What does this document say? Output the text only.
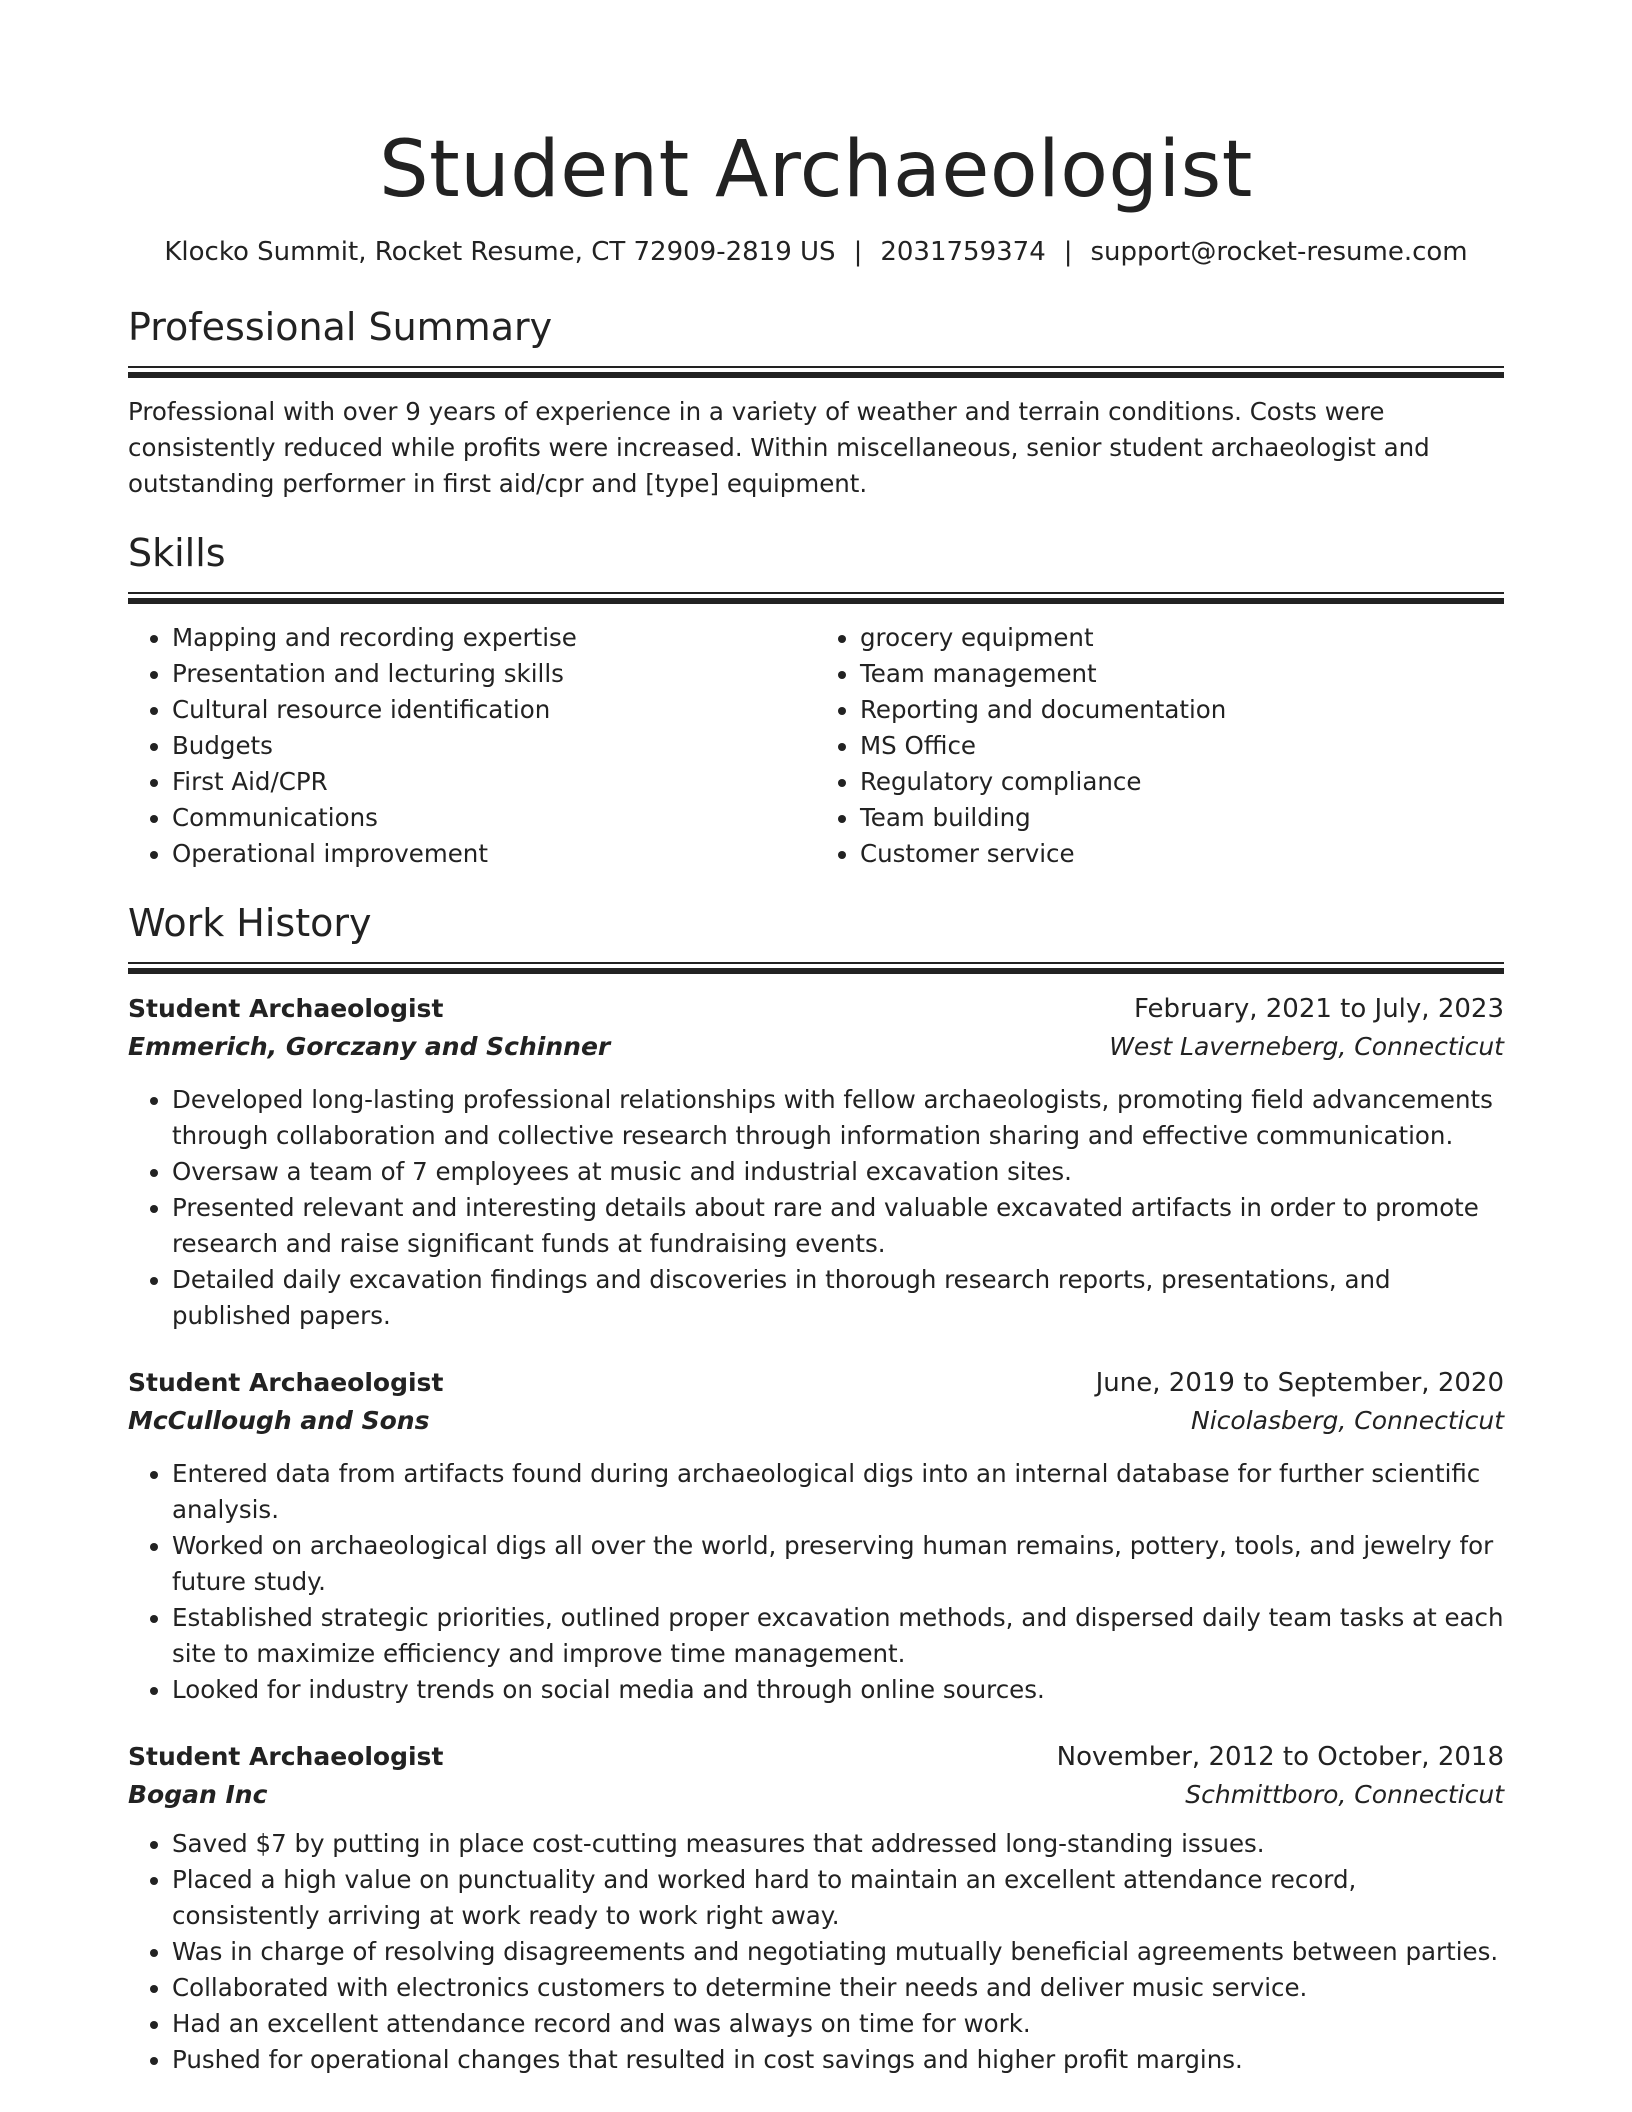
Student Archaeologist
Klocko Summit, Rocket Resume, CT 72909-2819 US | 2031759374 | support@rocket-resume.com
Professional Summary

Professional with over 9 years of experience in a variety of weather and terrain conditions. Costs were consistently reduced while profits were increased. Within miscellaneous, senior student archaeologist and outstanding performer in first aid/cpr and [type] equipment.

Skills
• Mapping and recording expertise
• Presentation and lecturing skills
• Cultural resource identification
• Budgets
• First Aid/CPR
• Communications
• Operational improvement
• grocery equipment
• Team management
• Reporting and documentation
• MS Office
• Regulatory compliance
• Team building
• Customer service
Work History
Student Archaeologist	February, 2021 to July, 2023
Emmerich, Gorczany and Schinner	West Laverneberg, Connecticut
• Developed long-lasting professional relationships with fellow archaeologists, promoting field advancements through collaboration and collective research through information sharing and effective communication.
• Oversaw a team of 7 employees at music and industrial excavation sites.
• Presented relevant and interesting details about rare and valuable excavated artifacts in order to promote research and raise significant funds at fundraising events.
• Detailed daily excavation findings and discoveries in thorough research reports, presentations, and published papers.
Student Archaeologist	June, 2019 to September, 2020
McCullough and Sons	Nicolasberg, Connecticut
• Entered data from artifacts found during archaeological digs into an internal database for further scientific analysis.
• Worked on archaeological digs all over the world, preserving human remains, pottery, tools, and jewelry for future study.
• Established strategic priorities, outlined proper excavation methods, and dispersed daily team tasks at each site to maximize efficiency and improve time management.
• Looked for industry trends on social media and through online sources.
Student Archaeologist	November, 2012 to October, 2018
Bogan Inc	Schmittboro, Connecticut
• Saved $7 by putting in place cost-cutting measures that addressed long-standing issues.
• Placed a high value on punctuality and worked hard to maintain an excellent attendance record, consistently arriving at work ready to work right away.
• Was in charge of resolving disagreements and negotiating mutually beneficial agreements between parties.
• Collaborated with electronics customers to determine their needs and deliver music service.
• Had an excellent attendance record and was always on time for work.
• Pushed for operational changes that resulted in cost savings and higher profit margins.
